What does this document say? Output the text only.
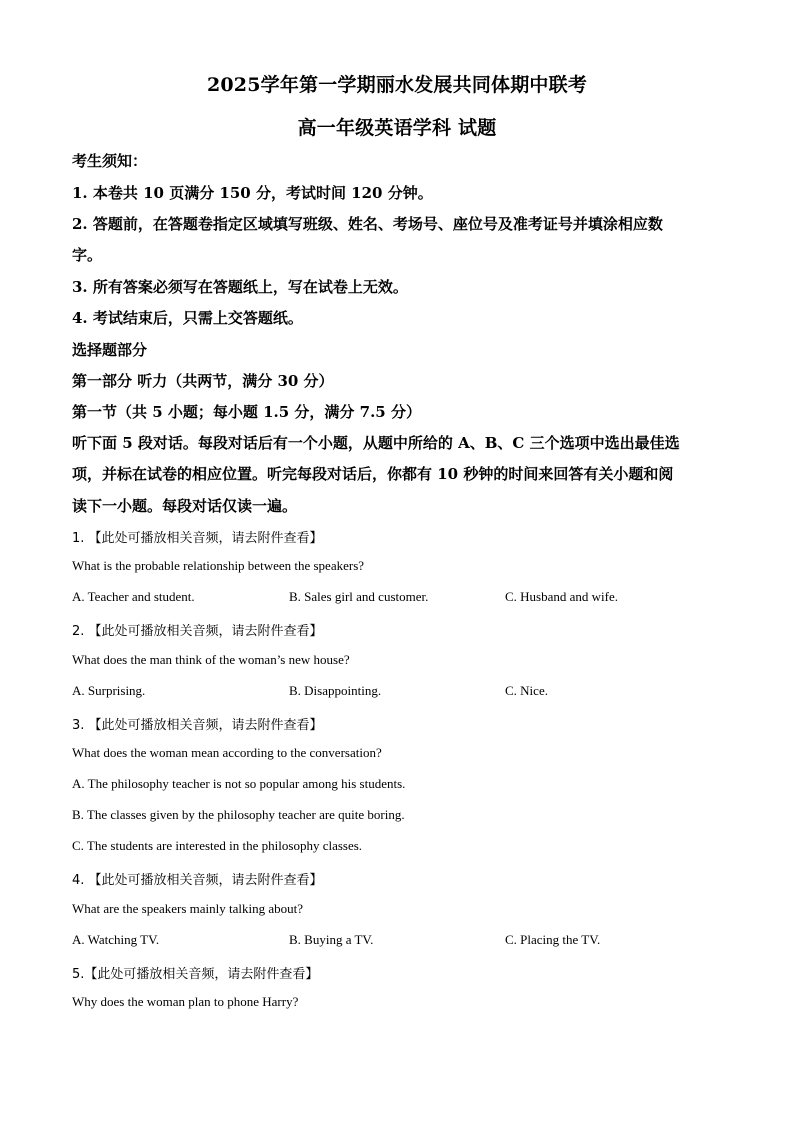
2025学年第一学期丽水发展共同体期中联考
高一年级英语学科 试题
考生须知：
1. 本卷共 10 页满分 150 分，考试时间 120 分钟。
2. 答题前，在答题卷指定区域填写班级、姓名、考场号、座位号及准考证号并填涂相应数
字。
3. 所有答案必须写在答题纸上，写在试卷上无效。
4. 考试结束后，只需上交答题纸。
选择题部分
第一部分 听力（共两节，满分 30 分）
第一节（共 5 小题；每小题 1.5 分，满分 7.5 分）
听下面 5 段对话。每段对话后有一个小题，从题中所给的 A、B、C 三个选项中选出最佳选
项，并标在试卷的相应位置。听完每段对话后，你都有 10 秒钟的时间来回答有关小题和阅
读下一小题。每段对话仅读一遍。
1. 【此处可播放相关音频，请去附件查看】
What is the probable relationship between the speakers?
A. Teacher and student.	B. Sales girl and customer.	C. Husband and wife.
2. 【此处可播放相关音频，请去附件查看】
What does the man think of the woman’s new house?
A. Surprising.	B. Disappointing.	C. Nice.
3. 【此处可播放相关音频，请去附件查看】
What does the woman mean according to the conversation?
A. The philosophy teacher is not so popular among his students.
B. The classes given by the philosophy teacher are quite boring.
C. The students are interested in the philosophy classes.
4. 【此处可播放相关音频，请去附件查看】
What are the speakers mainly talking about?
A. Watching TV.	B. Buying a TV.	C. Placing the TV.
5.【此处可播放相关音频，请去附件查看】
Why does the woman plan to phone Harry?
